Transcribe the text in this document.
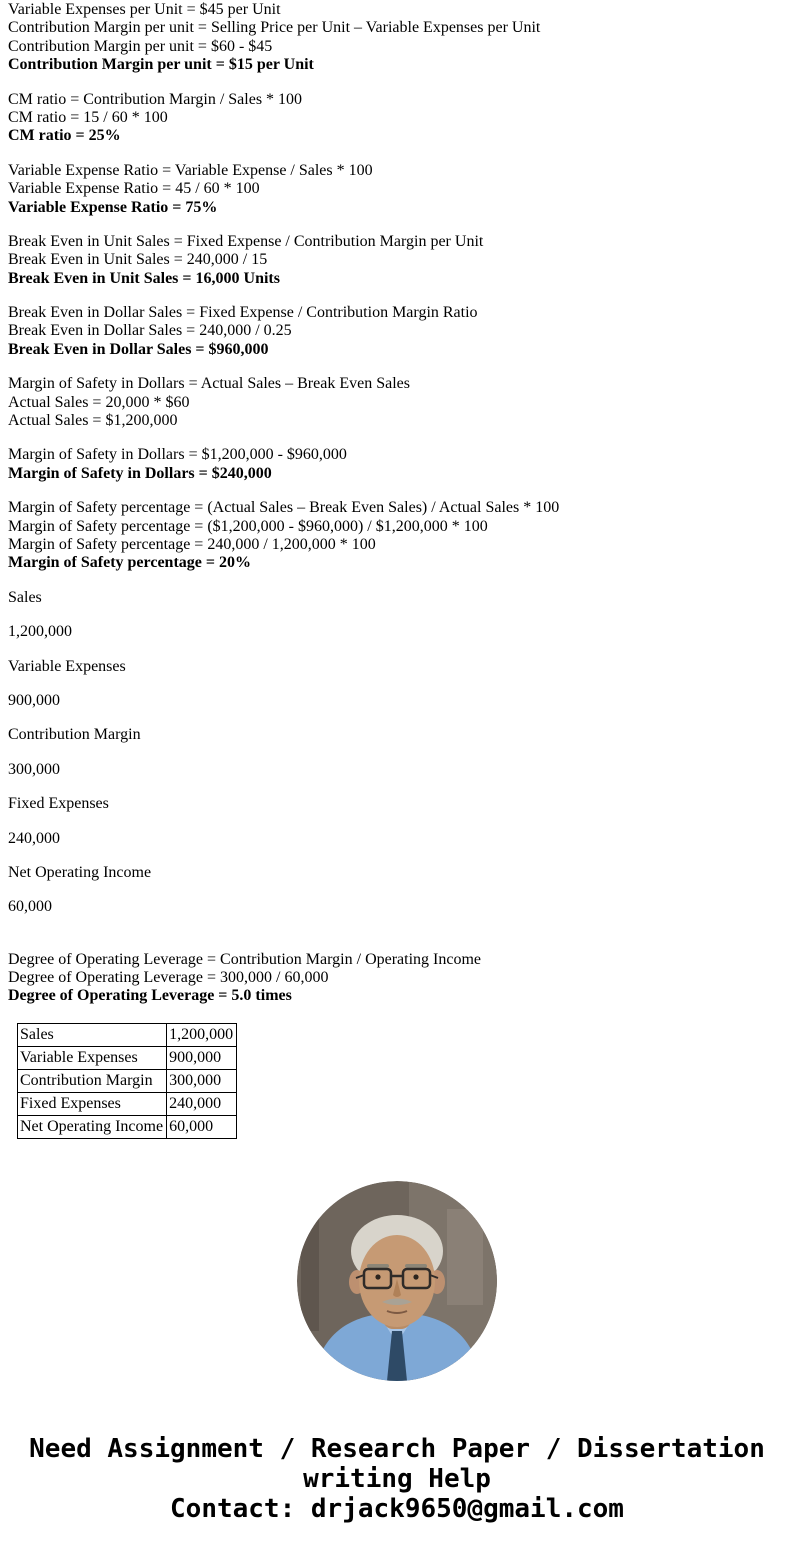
Variable Expenses per Unit = $45 per Unit
Contribution Margin per unit = Selling Price per Unit – Variable Expenses per Unit
Contribution Margin per unit = $60 - $45
Contribution Margin per unit = $15 per Unit

CM ratio = Contribution Margin / Sales * 100
CM ratio = 15 / 60 * 100
CM ratio = 25%

Variable Expense Ratio = Variable Expense / Sales * 100
Variable Expense Ratio = 45 / 60 * 100
Variable Expense Ratio = 75%

Break Even in Unit Sales = Fixed Expense / Contribution Margin per Unit
Break Even in Unit Sales = 240,000 / 15
Break Even in Unit Sales = 16,000 Units

Break Even in Dollar Sales = Fixed Expense / Contribution Margin Ratio
Break Even in Dollar Sales = 240,000 / 0.25
Break Even in Dollar Sales = $960,000

Margin of Safety in Dollars = Actual Sales – Break Even Sales
Actual Sales = 20,000 * $60
Actual Sales = $1,200,000

Margin of Safety in Dollars = $1,200,000 - $960,000
Margin of Safety in Dollars = $240,000

Margin of Safety percentage = (Actual Sales – Break Even Sales) / Actual Sales * 100
Margin of Safety percentage = ($1,200,000 - $960,000) / $1,200,000 * 100
Margin of Safety percentage = 240,000 / 1,200,000 * 100
Margin of Safety percentage = 20%

Sales

1,200,000

Variable Expenses

900,000

Contribution Margin

300,000

Fixed Expenses

240,000

Net Operating Income

60,000

Degree of Operating Leverage = Contribution Margin / Operating Income
Degree of Operating Leverage = 300,000 / 60,000
Degree of Operating Leverage = 5.0 times

Sales	1,200,000
Variable Expenses	900,000
Contribution Margin	300,000
Fixed Expenses	240,000
Net Operating Income	60,000
Need Assignment / Research Paper / Dissertation writing Help
Contact: drjack9650@gmail.com
